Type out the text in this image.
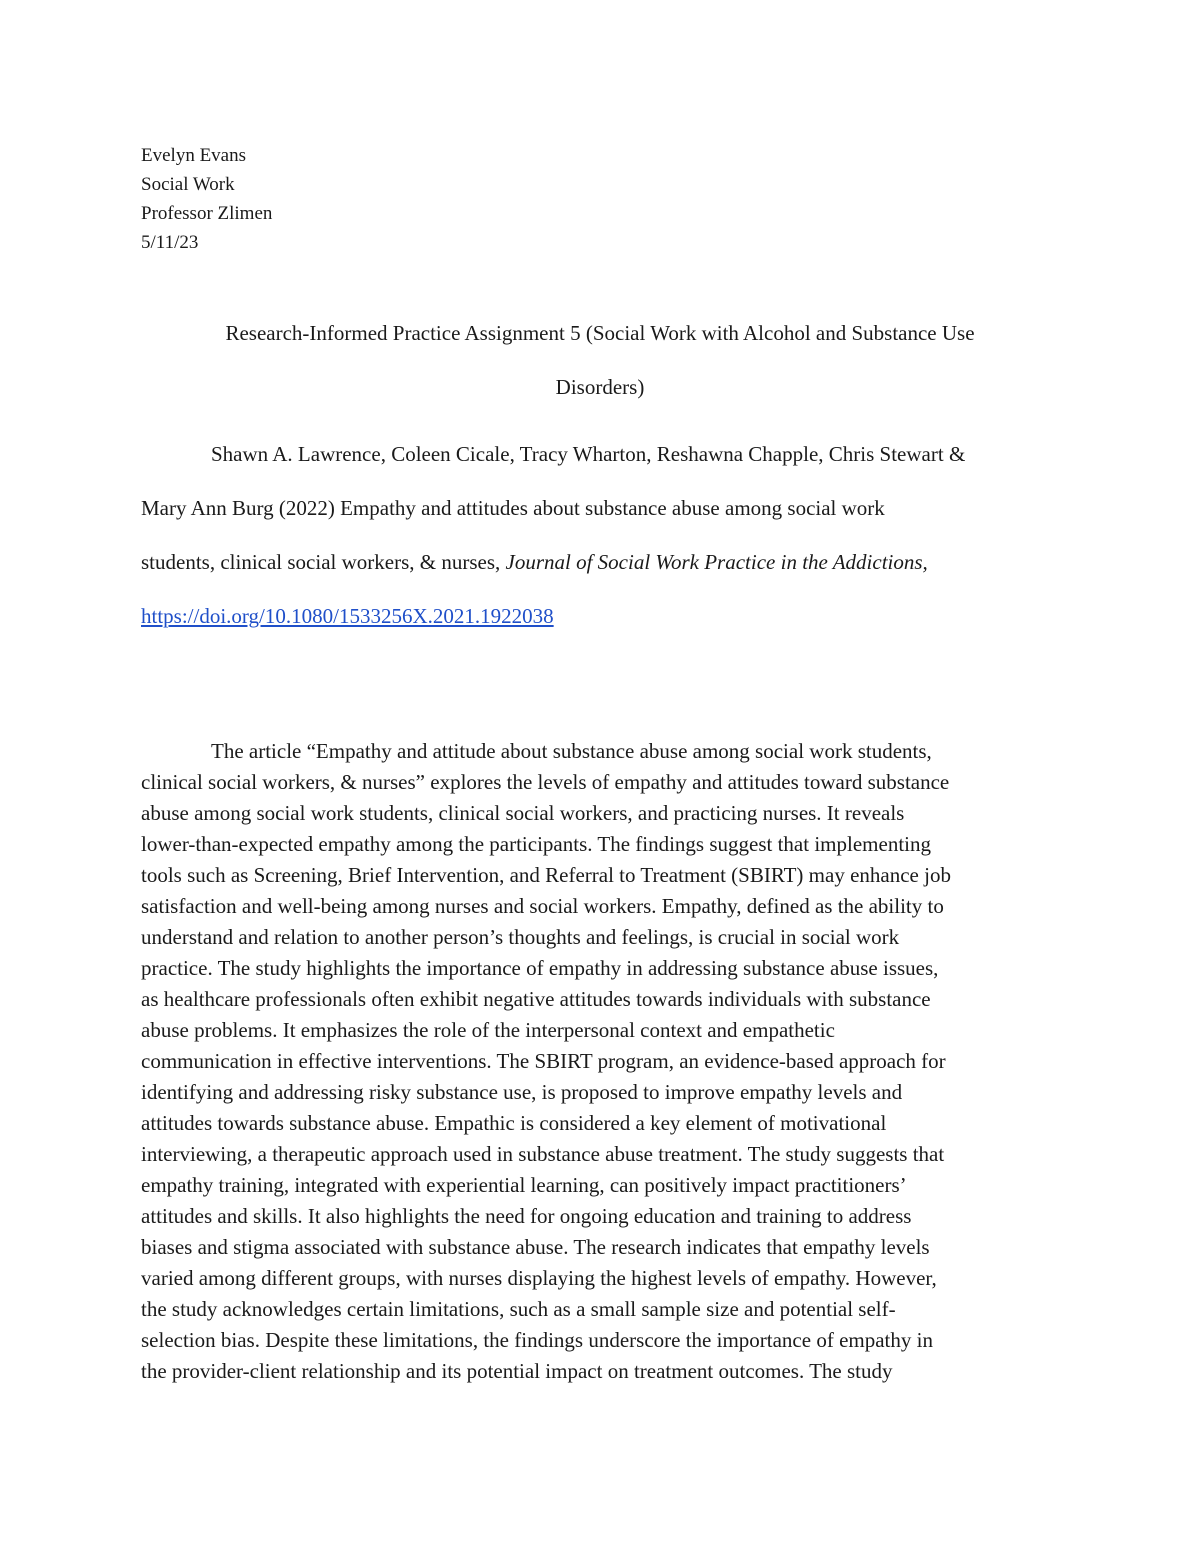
Evelyn Evans
Social Work
Professor Zlimen
5/11/23
Research-Informed Practice Assignment 5 (Social Work with Alcohol and Substance Use
Disorders)
Shawn A. Lawrence, Coleen Cicale, Tracy Wharton, Reshawna Chapple, Chris Stewart &
Mary Ann Burg (2022) Empathy and attitudes about substance abuse among social work
students, clinical social workers, & nurses, Journal of Social Work Practice in the Addictions,
https://doi.org/10.1080/1533256X.2021.1922038
The article “Empathy and attitude about substance abuse among social work students,
clinical social workers, & nurses” explores the levels of empathy and attitudes toward substance
abuse among social work students, clinical social workers, and practicing nurses. It reveals
lower-than-expected empathy among the participants. The findings suggest that implementing
tools such as Screening, Brief Intervention, and Referral to Treatment (SBIRT) may enhance job
satisfaction and well-being among nurses and social workers. Empathy, defined as the ability to
understand and relation to another person’s thoughts and feelings, is crucial in social work
practice. The study highlights the importance of empathy in addressing substance abuse issues,
as healthcare professionals often exhibit negative attitudes towards individuals with substance
abuse problems. It emphasizes the role of the interpersonal context and empathetic
communication in effective interventions. The SBIRT program, an evidence-based approach for
identifying and addressing risky substance use, is proposed to improve empathy levels and
attitudes towards substance abuse. Empathic is considered a key element of motivational
interviewing, a therapeutic approach used in substance abuse treatment. The study suggests that
empathy training, integrated with experiential learning, can positively impact practitioners’
attitudes and skills. It also highlights the need for ongoing education and training to address
biases and stigma associated with substance abuse. The research indicates that empathy levels
varied among different groups, with nurses displaying the highest levels of empathy. However,
the study acknowledges certain limitations, such as a small sample size and potential self-
selection bias. Despite these limitations, the findings underscore the importance of empathy in
the provider-client relationship and its potential impact on treatment outcomes. The study
